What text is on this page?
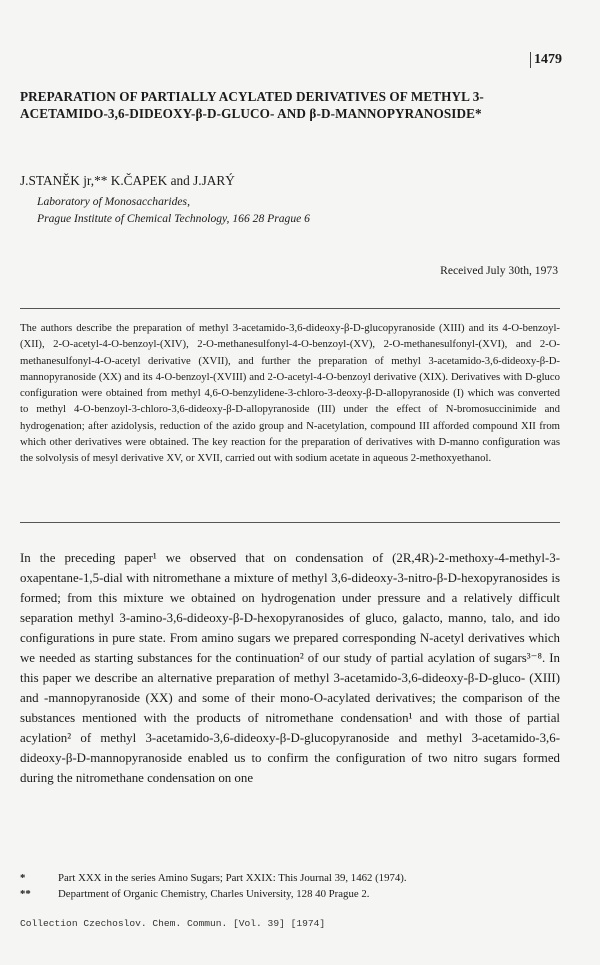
1479
PREPARATION OF PARTIALLY ACYLATED DERIVATIVES OF METHYL 3-ACETAMIDO-3,6-DIDEOXY-β-D-GLUCO- AND β-D-MANNOPYRANOSIDE*
J.STANĚK jr,** K.ČAPEK and J.JARÝ
Laboratory of Monosaccharides,
Prague Institute of Chemical Technology, 166 28 Prague 6
Received July 30th, 1973
The authors describe the preparation of methyl 3-acetamido-3,6-dideoxy-β-D-glucopyranoside (XIII) and its 4-O-benzoyl-(XII), 2-O-acetyl-4-O-benzoyl-(XIV), 2-O-methanesulfonyl-4-O-benzoyl-(XV), 2-O-methanesulfonyl-(XVI), and 2-O-methanesulfonyl-4-O-acetyl derivative (XVII), and further the preparation of methyl 3-acetamido-3,6-dideoxy-β-D-mannopyranoside (XX) and its 4-O-benzoyl-(XVIII) and 2-O-acetyl-4-O-benzoyl derivative (XIX). Derivatives with D-gluco configuration were obtained from methyl 4,6-O-benzylidene-3-chloro-3-deoxy-β-D-allopyranoside (I) which was converted to methyl 4-O-benzoyl-3-chloro-3,6-dideoxy-β-D-allopyranoside (III) under the effect of N-bromosuccinimide and hydrogenation; after azidolysis, reduction of the azido group and N-acetylation, compound III afforded compound XII from which other derivatives were obtained. The key reaction for the preparation of derivatives with D-manno configuration was the solvolysis of mesyl derivative XV, or XVII, carried out with sodium acetate in aqueous 2-methoxyethanol.
In the preceding paper¹ we observed that on condensation of (2R,4R)-2-methoxy-4-methyl-3-oxapentane-1,5-dial with nitromethane a mixture of methyl 3,6-dideoxy-3-nitro-β-D-hexopyranosides is formed; from this mixture we obtained on hydrogenation under pressure and a relatively difficult separation methyl 3-amino-3,6-dideoxy-β-D-hexopyranosides of gluco, galacto, manno, talo, and ido configurations in pure state. From amino sugars we prepared corresponding N-acetyl derivatives which we needed as starting substances for the continuation² of our study of partial acylation of sugars³⁻⁸. In this paper we describe an alternative preparation of methyl 3-acetamido-3,6-dideoxy-β-D-gluco- (XIII) and -mannopyranoside (XX) and some of their mono-O-acylated derivatives; the comparison of the substances mentioned with the products of nitromethane condensation¹ and with those of partial acylation² of methyl 3-acetamido-3,6-dideoxy-β-D-glucopyranoside and methyl 3-acetamido-3,6-dideoxy-β-D-mannopyranoside enabled us to confirm the configuration of two nitro sugars formed during the nitromethane condensation on one
*	Part XXX in the series Amino Sugars; Part XXIX: This Journal 39, 1462 (1974).
**	Department of Organic Chemistry, Charles University, 128 40 Prague 2.
Collection Czechoslov. Chem. Commun. [Vol. 39] [1974]
